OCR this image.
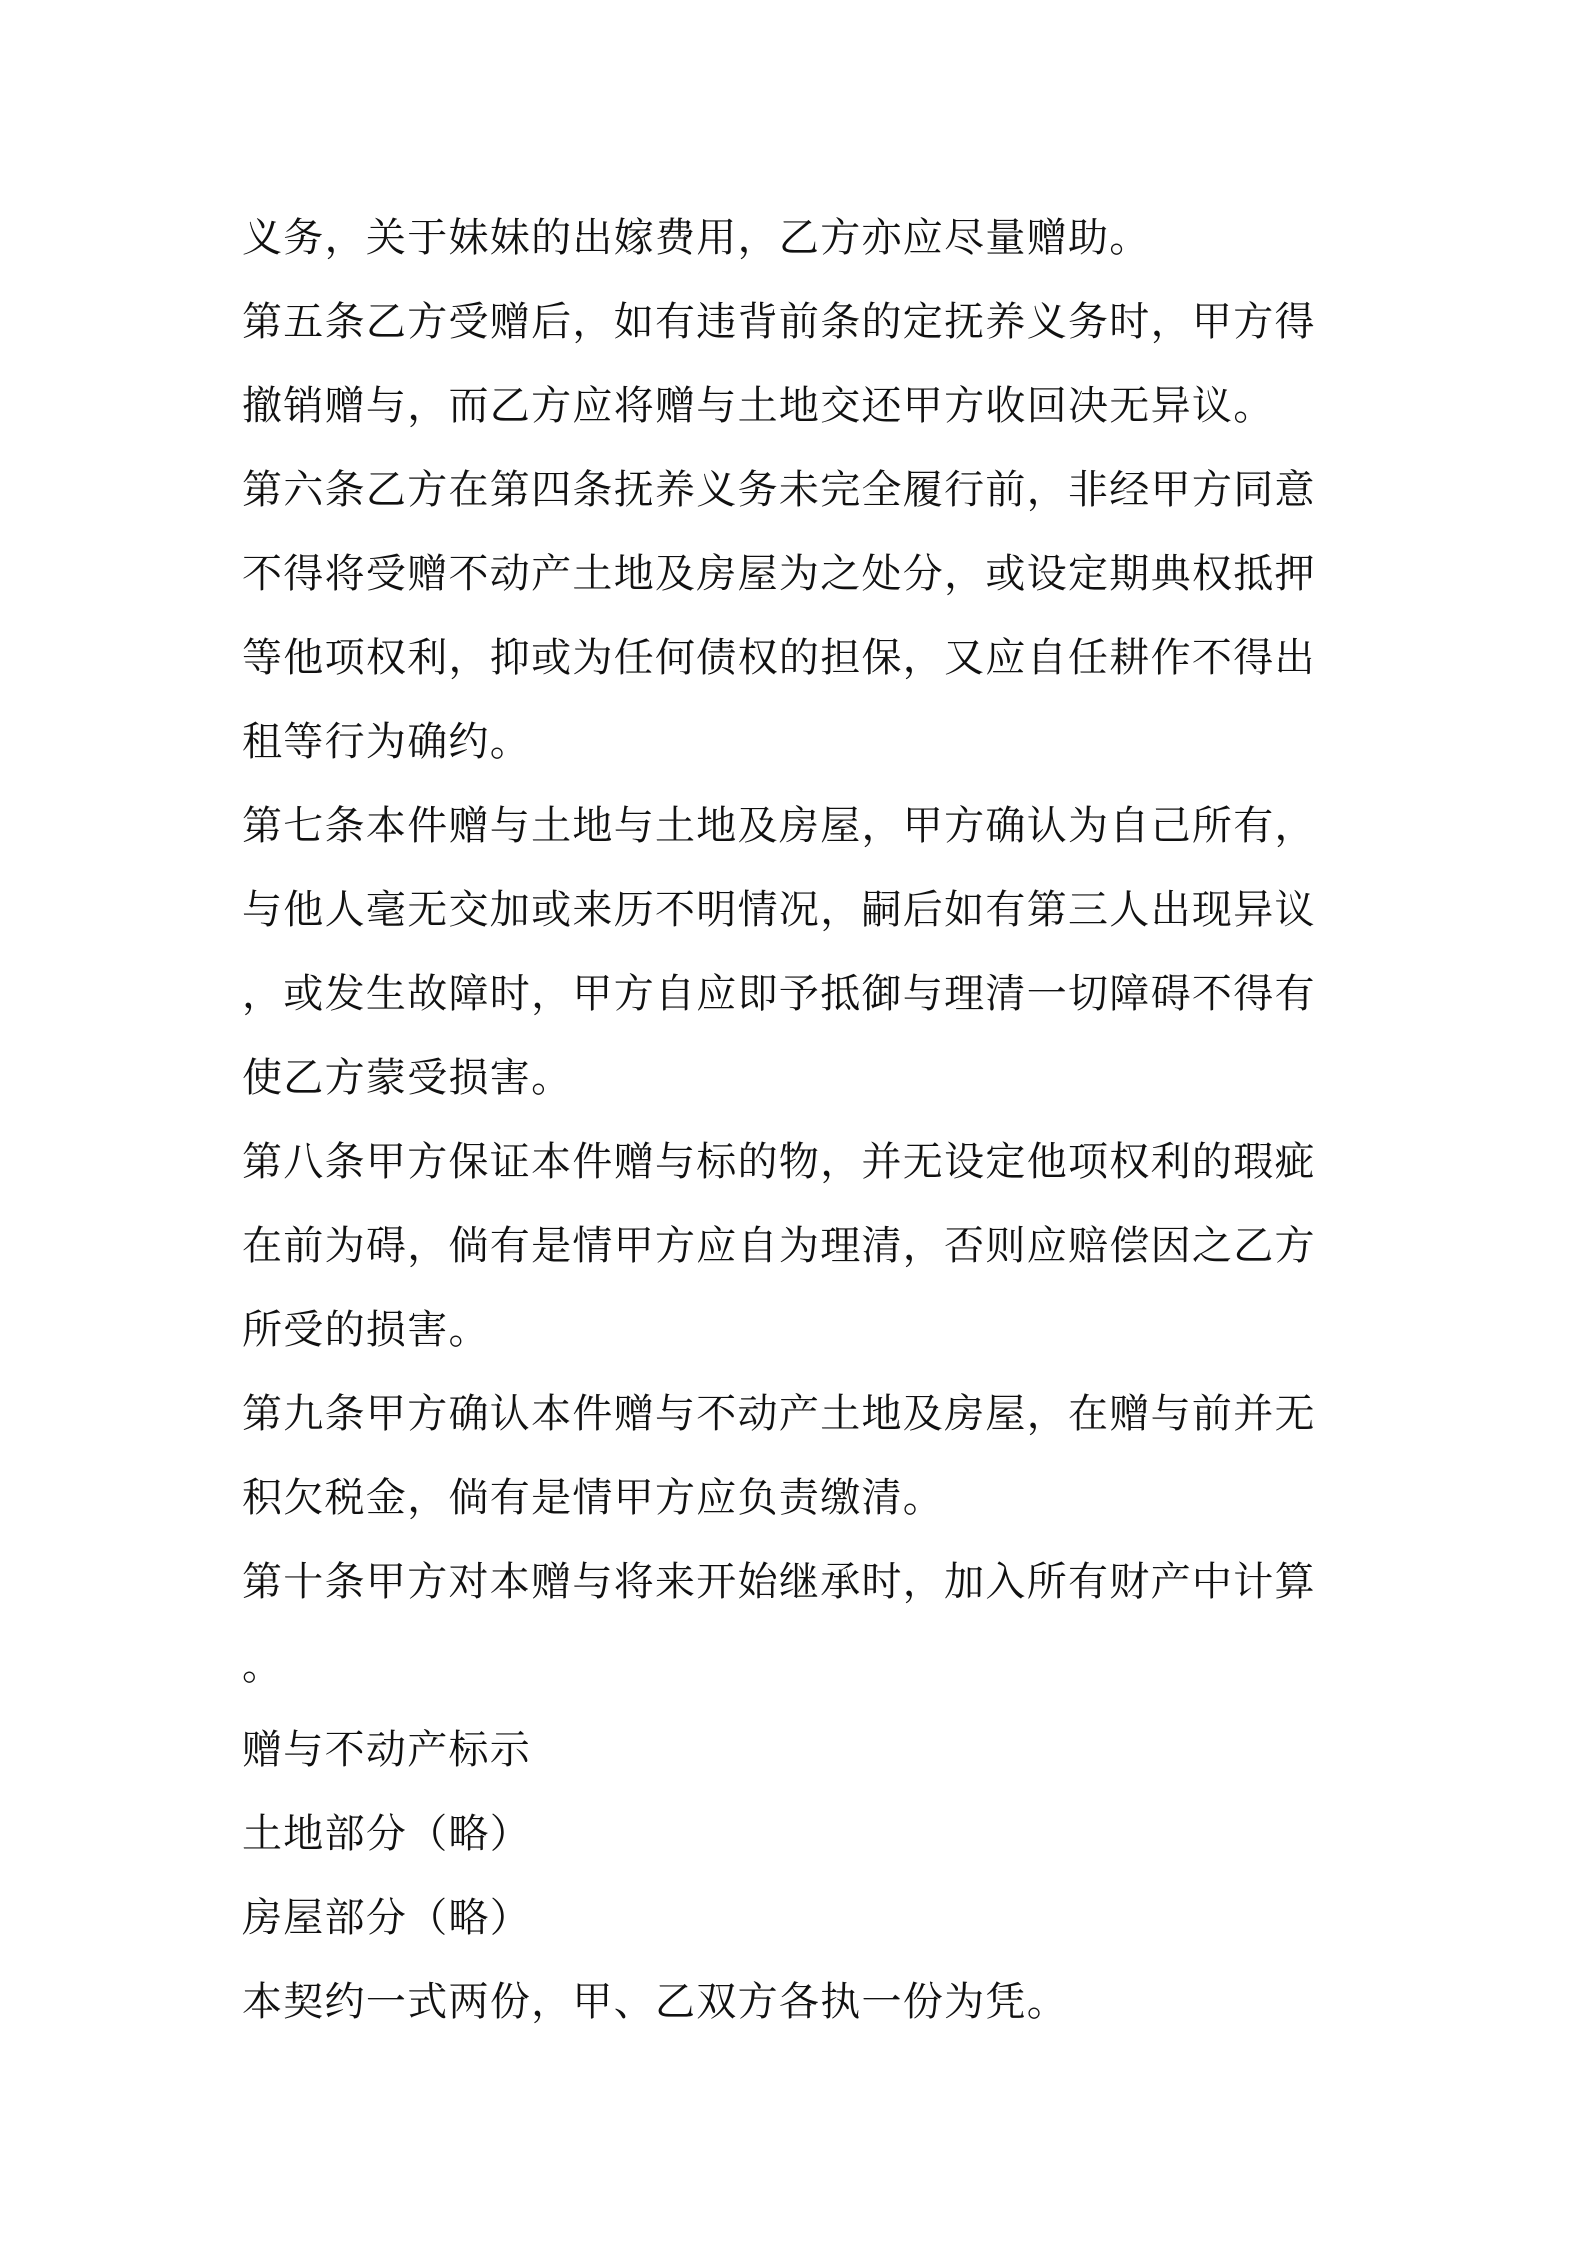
义务，关于妹妹的出嫁费用，乙方亦应尽量赠助。
第五条乙方受赠后，如有违背前条的定抚养义务时，甲方得
撤销赠与，而乙方应将赠与土地交还甲方收回决无异议。
第六条乙方在第四条抚养义务未完全履行前，非经甲方同意
不得将受赠不动产土地及房屋为之处分，或设定期典权抵押
等他项权利，抑或为任何债权的担保，又应自任耕作不得出
租等行为确约。
第七条本件赠与土地与土地及房屋，甲方确认为自己所有，
与他人毫无交加或来历不明情况，嗣后如有第三人出现异议
，或发生故障时，甲方自应即予抵御与理清一切障碍不得有
使乙方蒙受损害。
第八条甲方保证本件赠与标的物，并无设定他项权利的瑕疵
在前为碍，倘有是情甲方应自为理清，否则应赔偿因之乙方
所受的损害。
第九条甲方确认本件赠与不动产土地及房屋，在赠与前并无
积欠税金，倘有是情甲方应负责缴清。
第十条甲方对本赠与将来开始继承时，加入所有财产中计算
。
赠与不动产标示
土地部分（略）
房屋部分（略）
本契约一式两份，甲、乙双方各执一份为凭。
